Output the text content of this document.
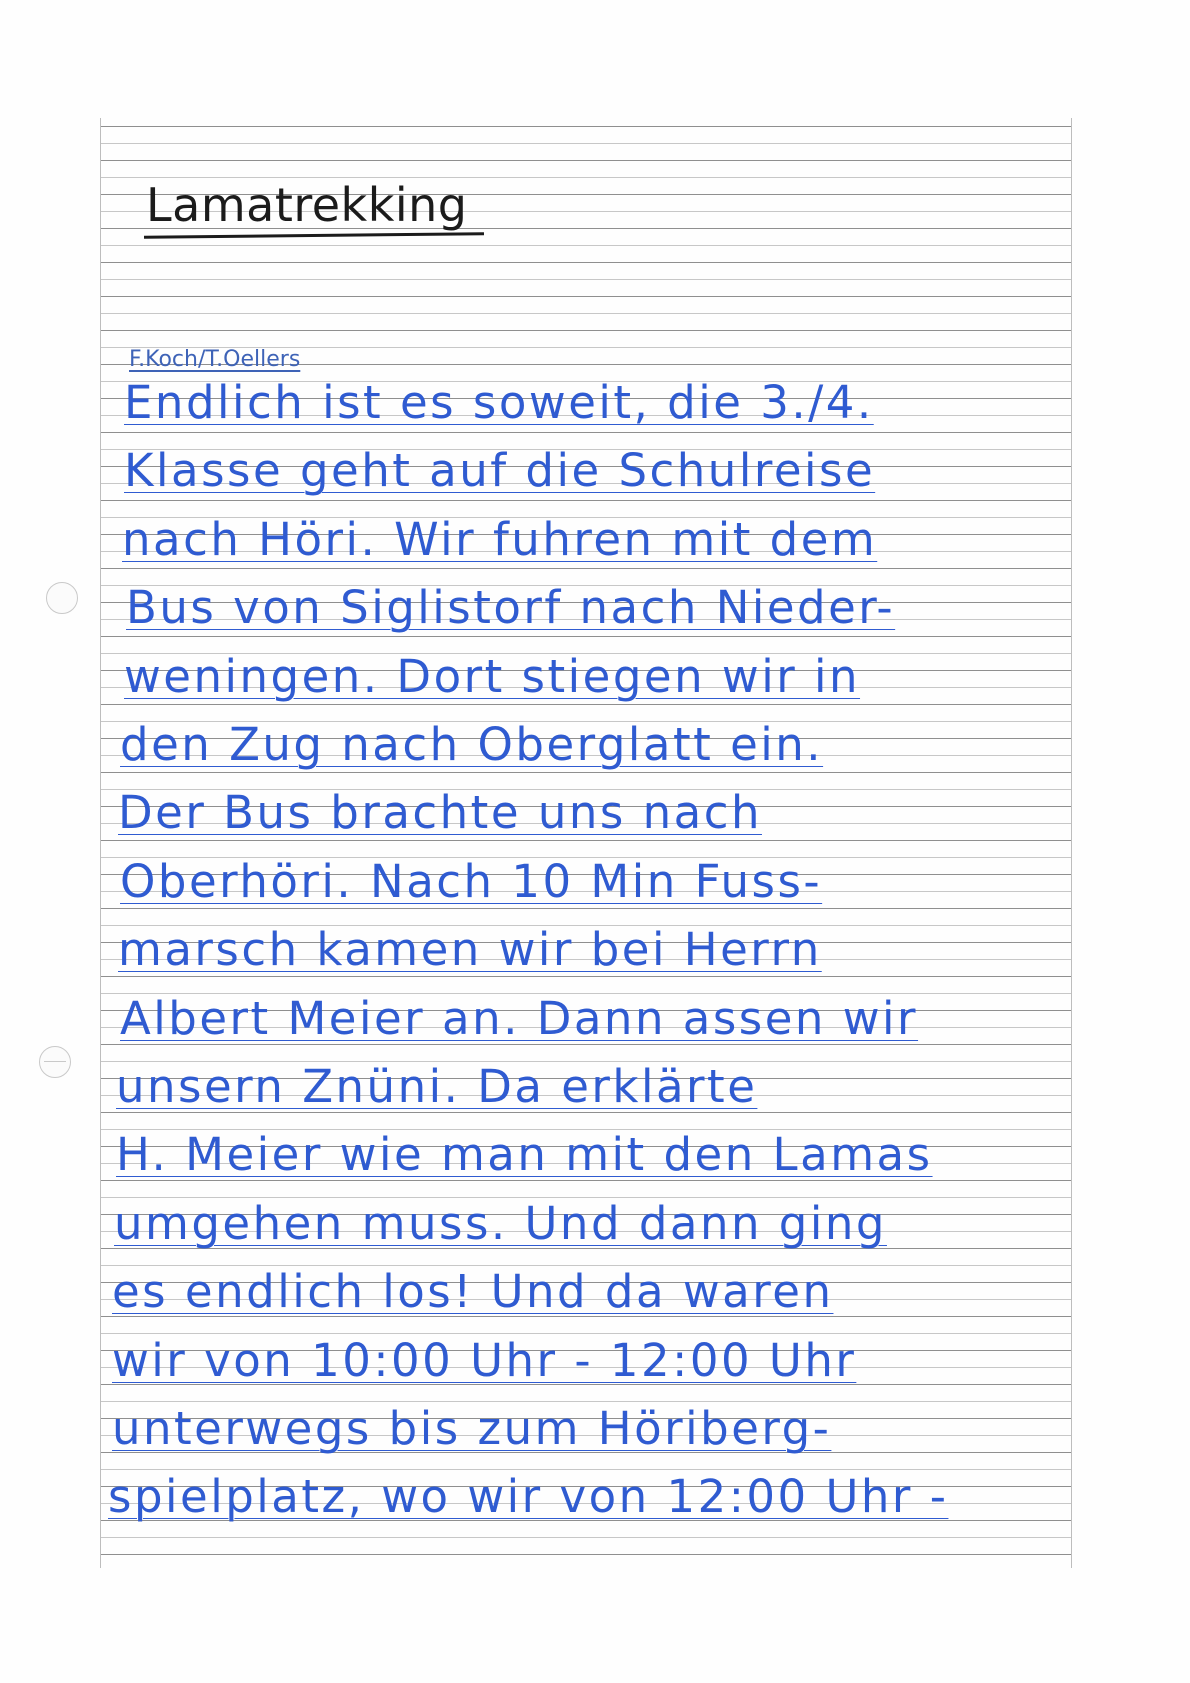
Lamatrekking
F.Koch/T.Oellers
Endlich ist es soweit, die 3./4.
Klasse geht auf die Schulreise
nach Höri. Wir fuhren mit dem
Bus von Siglistorf nach Nieder-
weningen. Dort stiegen wir in
den Zug nach Oberglatt ein.
Der Bus brachte uns nach
Oberhöri. Nach 10 Min Fuss-
marsch kamen wir bei Herrn
Albert Meier an. Dann assen wir
unsern Znüni. Da erklärte
H. Meier wie man mit den Lamas
umgehen muss. Und dann ging
es endlich los! Und da waren
wir von 10:00 Uhr - 12:00 Uhr
unterwegs bis zum Höriberg-
spielplatz, wo wir von 12:00 Uhr -
